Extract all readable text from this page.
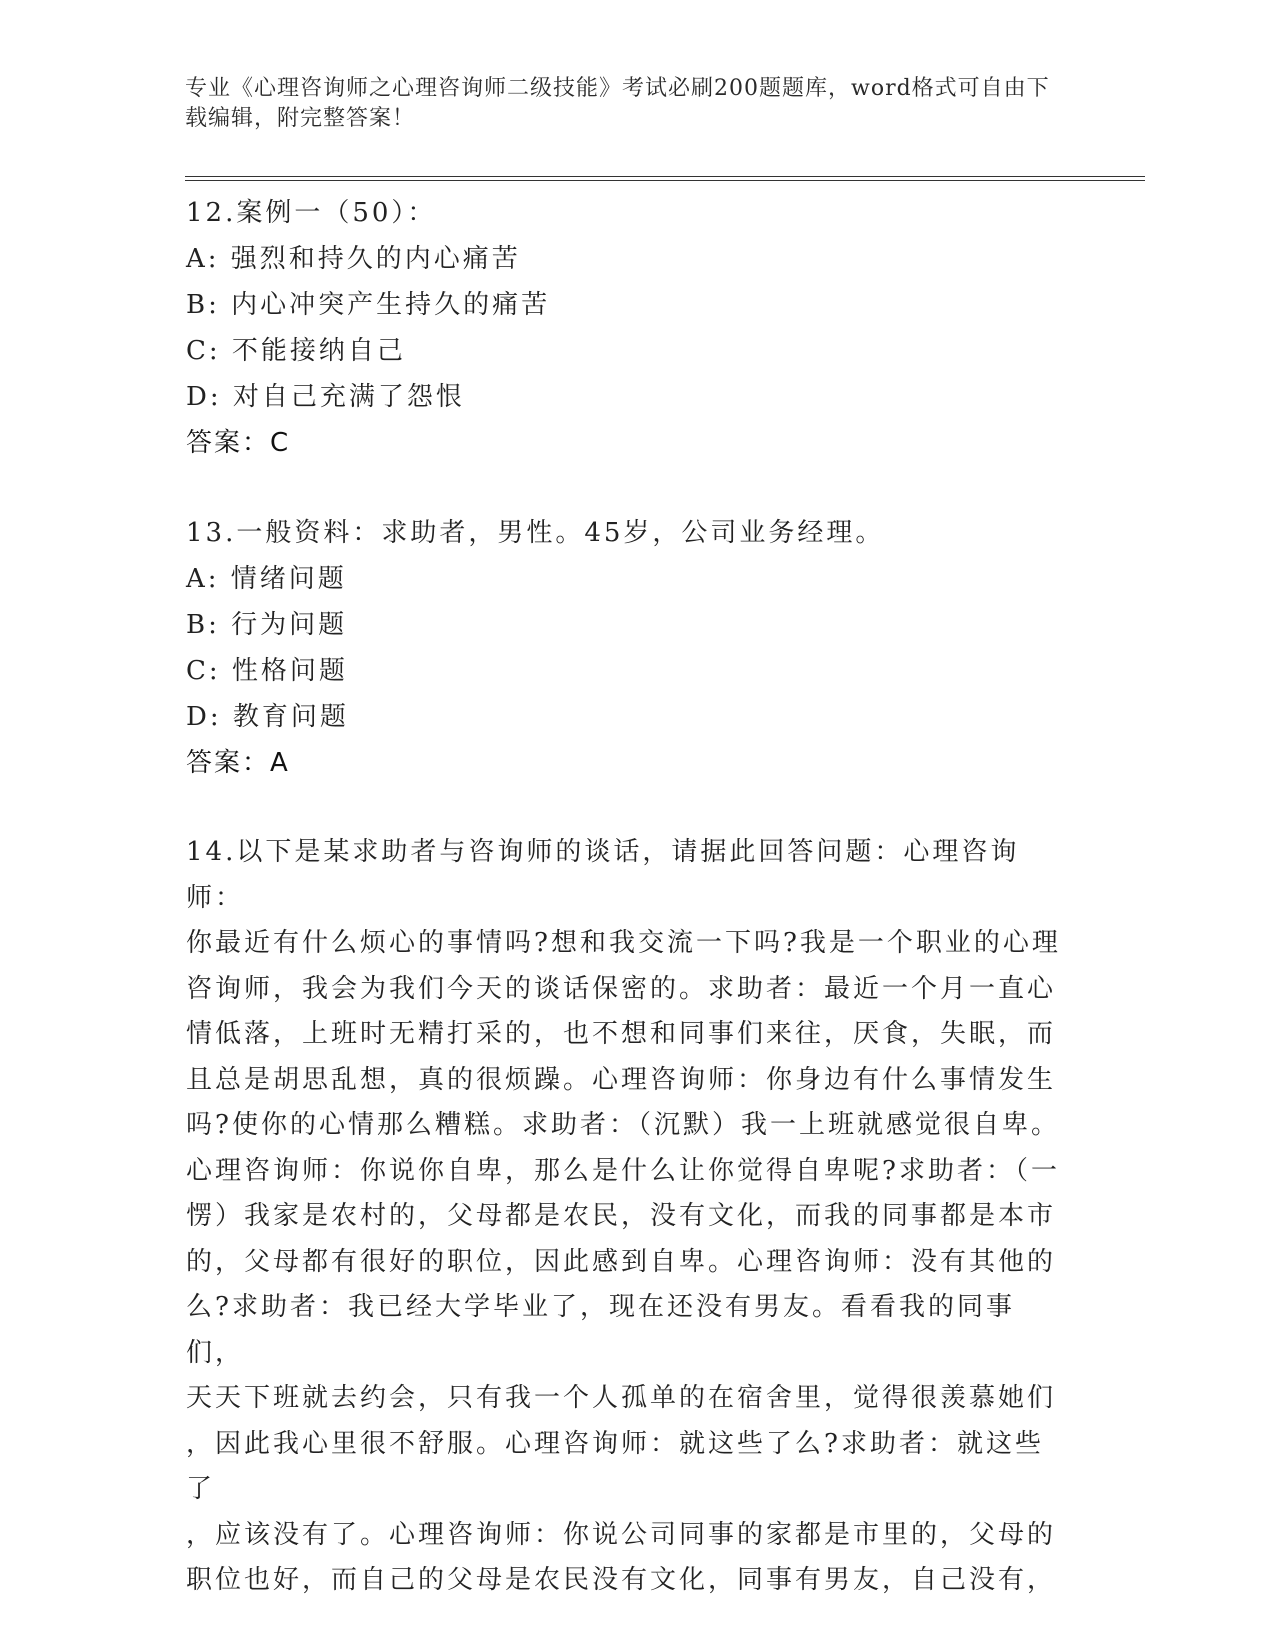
专业《心理咨询师之心理咨询师二级技能》考试必刷200题题库，word格式可自由下载编辑，附完整答案！
12.案例一（50）：
A: 强烈和持久的内心痛苦
B: 内心冲突产生持久的痛苦
C: 不能接纳自己
D: 对自己充满了怨恨
答案：C
13.一般资料：求助者，男性。45岁，公司业务经理。
A: 情绪问题
B: 行为问题
C: 性格问题
D: 教育问题
答案：A
14.以下是某求助者与咨询师的谈话，请据此回答问题：心理咨询师：
你最近有什么烦心的事情吗?想和我交流一下吗?我是一个职业的心理
咨询师，我会为我们今天的谈话保密的。求助者：最近一个月一直心
情低落，上班时无精打采的，也不想和同事们来往，厌食，失眠，而
且总是胡思乱想，真的很烦躁。心理咨询师：你身边有什么事情发生
吗?使你的心情那么糟糕。求助者：（沉默）我一上班就感觉很自卑。
心理咨询师：你说你自卑，那么是什么让你觉得自卑呢?求助者：（一
愣）我家是农村的，父母都是农民，没有文化，而我的同事都是本市
的，父母都有很好的职位，因此感到自卑。心理咨询师：没有其他的
么?求助者：我已经大学毕业了，现在还没有男友。看看我的同事们，
天天下班就去约会，只有我一个人孤单的在宿舍里，觉得很羡慕她们
，因此我心里很不舒服。心理咨询师：就这些了么?求助者：就这些了
，应该没有了。心理咨询师：你说公司同事的家都是市里的，父母的
职位也好，而自己的父母是农民没有文化，同事有男友，自己没有，
